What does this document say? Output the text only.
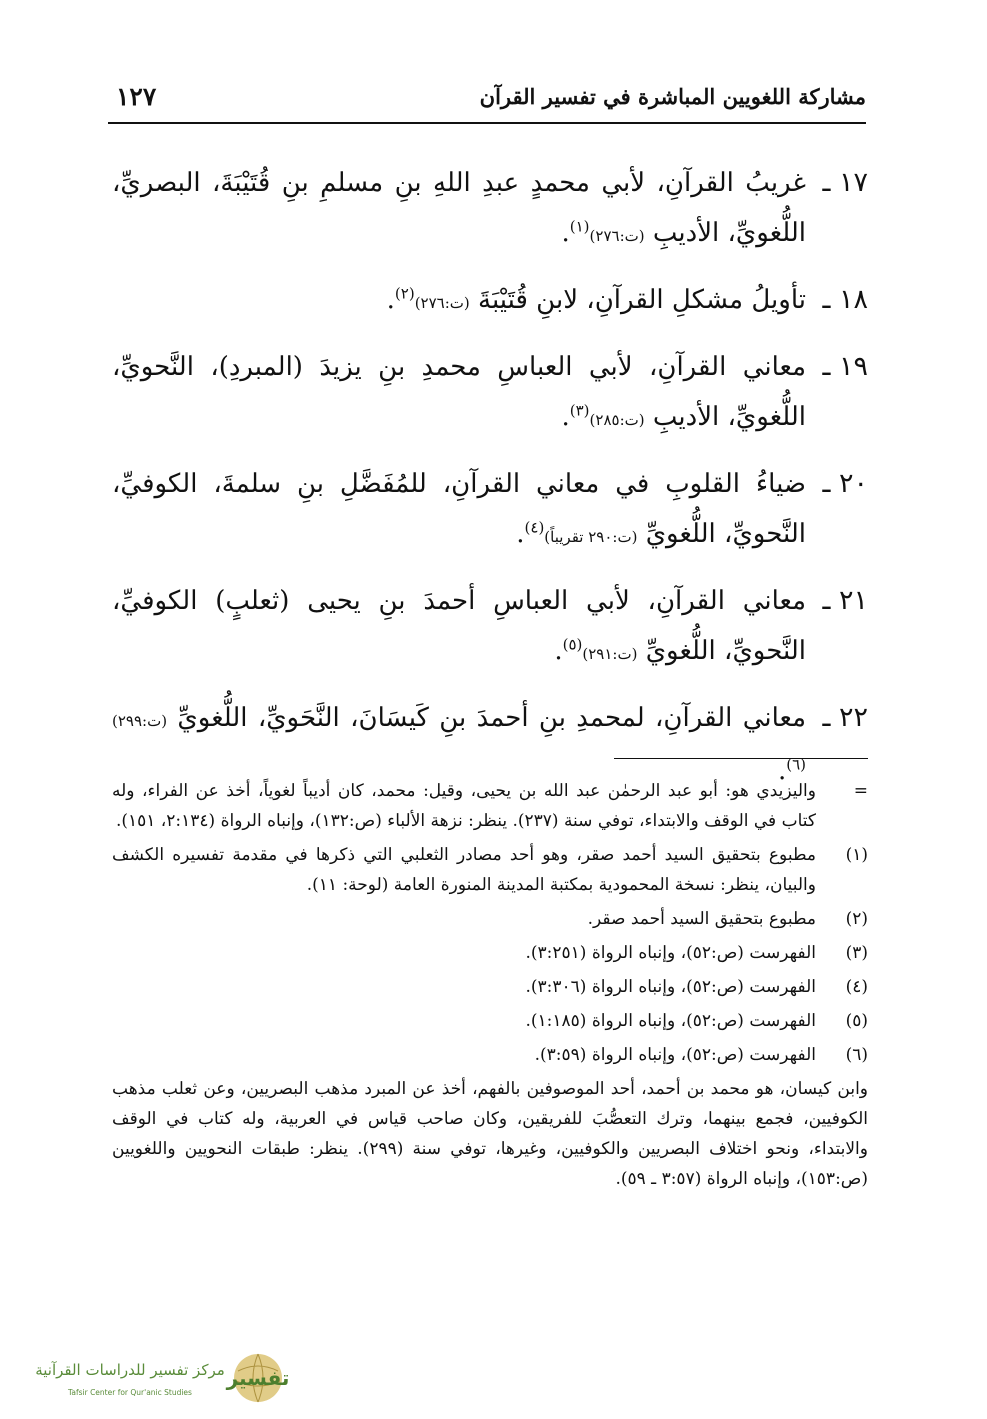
مشاركة اللغويين المباشرة في تفسير القرآن
١٢٧
١٧ ـ
غريبُ القرآنِ، لأبي محمدٍ عبدِ اللهِ بنِ مسلمِ بنِ قُتَيْبَةَ، البصريِّ، اللُّغويِّ، الأديبِ (ت:٢٧٦)$^{(١)}$.
١٨ ـ
تأويلُ مشكلِ القرآنِ، لابنِ قُتَيْبَةَ (ت:٢٧٦)$^{(٢)}$.
١٩ ـ
معاني القرآنِ، لأبي العباسِ محمدِ بنِ يزيدَ (المبردِ)، النَّحويِّ، اللُّغويِّ، الأديبِ (ت:٢٨٥)$^{(٣)}$.
٢٠ ـ
ضياءُ القلوبِ في معاني القرآنِ، للمُفَضَّلِ بنِ سلمةَ، الكوفيِّ، النَّحويِّ، اللُّغويِّ (ت:٢٩٠ تقريباً)$^{(٤)}$.
٢١ ـ
معاني القرآنِ، لأبي العباسِ أحمدَ بنِ يحيى (ثعلبٍ) الكوفيِّ، النَّحويِّ، اللُّغويِّ (ت:٢٩١)$^{(٥)}$.
٢٢ ـ
معاني القرآنِ، لمحمدِ بنِ أحمدَ بنِ كَيسَانَ، النَّحَويِّ، اللُّغويِّ (ت:٢٩٩)$^{(٦)}$.
=
واليزيدي هو: أبو عبد الرحمٰن عبد الله بن يحيى، وقيل: محمد، كان أديباً لغوياً، أخذ عن الفراء، وله كتاب في الوقف والابتداء، توفي سنة (٢٣٧). ينظر: نزهة الألباء (ص:١٣٢)، وإنباه الرواة (٢:١٣٤، ١٥١).
(١)
مطبوع بتحقيق السيد أحمد صقر، وهو أحد مصادر الثعلبي التي ذكرها في مقدمة تفسيره الكشف والبيان، ينظر: نسخة المحمودية بمكتبة المدينة المنورة العامة (لوحة: ١١).
(٢)
مطبوع بتحقيق السيد أحمد صقر.
(٣)
الفهرست (ص:٥٢)، وإنباه الرواة (٣:٢٥١).
(٤)
الفهرست (ص:٥٢)، وإنباه الرواة (٣:٣٠٦).
(٥)
الفهرست (ص:٥٢)، وإنباه الرواة (١:١٨٥).
(٦)
الفهرست (ص:٥٢)، وإنباه الرواة (٣:٥٩).
وابن كيسان، هو محمد بن أحمد، أحد الموصوفين بالفهم، أخذ عن المبرد مذهب البصريين، وعن ثعلب مذهب الكوفيين، فجمع بينهما، وترك التعصُّبَ للفريقين، وكان صاحب قياس في العربية، وله كتاب في الوقف والابتداء، ونحو اختلاف البصريين والكوفيين، وغيرها، توفي سنة (٢٩٩). ينظر: طبقات النحويين واللغويين (ص:١٥٣)، وإنباه الرواة (٣:٥٧ ـ ٥٩).
تفسير
مركز تفسير للدراسات القرآنية
Tafsir Center for Qur'anic Studies
